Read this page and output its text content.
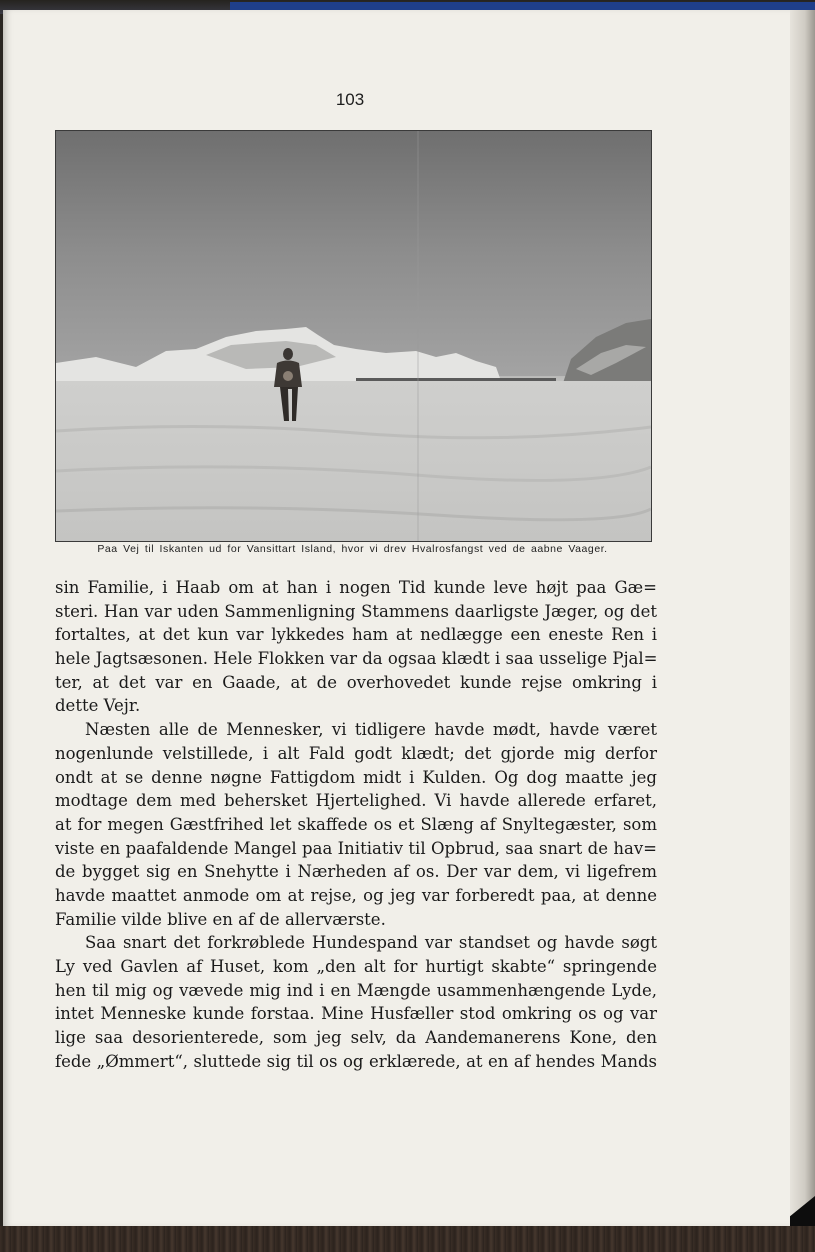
103
Paa Vej til Iskanten ud for Vansittart Island, hvor vi drev Hvalrosfangst ved de aabne Vaager.
sin Familie, i Haab om at han i nogen Tid kunde leve højt paa Gæ=
steri. Han var uden Sammenligning Stammens daarligste Jæger, og det
fortaltes, at det kun var lykkedes ham at nedlægge een eneste Ren i
hele Jagtsæsonen. Hele Flokken var da ogsaa klædt i saa usselige Pjal=
ter, at det var en Gaade, at de overhovedet kunde rejse omkring i
dette Vejr.
Næsten alle de Mennesker, vi tidligere havde mødt, havde været
nogenlunde velstillede, i alt Fald godt klædt; det gjorde mig derfor
ondt at se denne nøgne Fattigdom midt i Kulden. Og dog maatte jeg
modtage dem med behersket Hjertelighed. Vi havde allerede erfaret,
at for megen Gæstfrihed let skaffede os et Slæng af Snyltegæster, som
viste en paafaldende Mangel paa Initiativ til Opbrud, saa snart de hav=
de bygget sig en Snehytte i Nærheden af os. Der var dem, vi ligefrem
havde maattet anmode om at rejse, og jeg var forberedt paa, at denne
Familie vilde blive en af de allerværste.
Saa snart det forkrøblede Hundespand var standset og havde søgt
Ly ved Gavlen af Huset, kom „den alt for hurtigt skabte“ springende
hen til mig og vævede mig ind i en Mængde usammenhængende Lyde,
intet Menneske kunde forstaa. Mine Husfæller stod omkring os og var
lige saa desorienterede, som jeg selv, da Aandemanerens Kone, den
fede „Ømmert“, sluttede sig til os og erklærede, at en af hendes Mands
